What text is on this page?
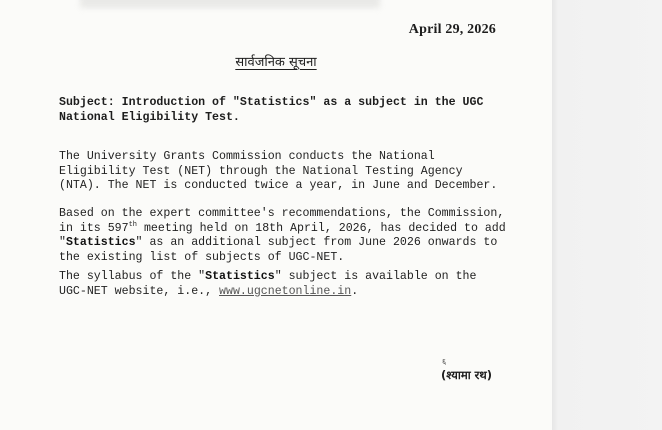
April 29, 2026
सार्वजनिक सूचना
Subject: Introduction of "Statistics" as a subject in the UGC National Eligibility Test.
The University Grants Commission conducts the National Eligibility Test (NET) through the National Testing Agency (NTA). The NET is conducted twice a year, in June and December.
Based on the expert committee's recommendations, the Commission, in its 597th meeting held on 18th April, 2026, has decided to add "Statistics" as an additional subject from June 2026 onwards to the existing list of subjects of UGC-NET.
The syllabus of the "Statistics" subject is available on the UGC-NET website, i.e., www.ugcnetonline.in.
६
(श्यामा रथ)
